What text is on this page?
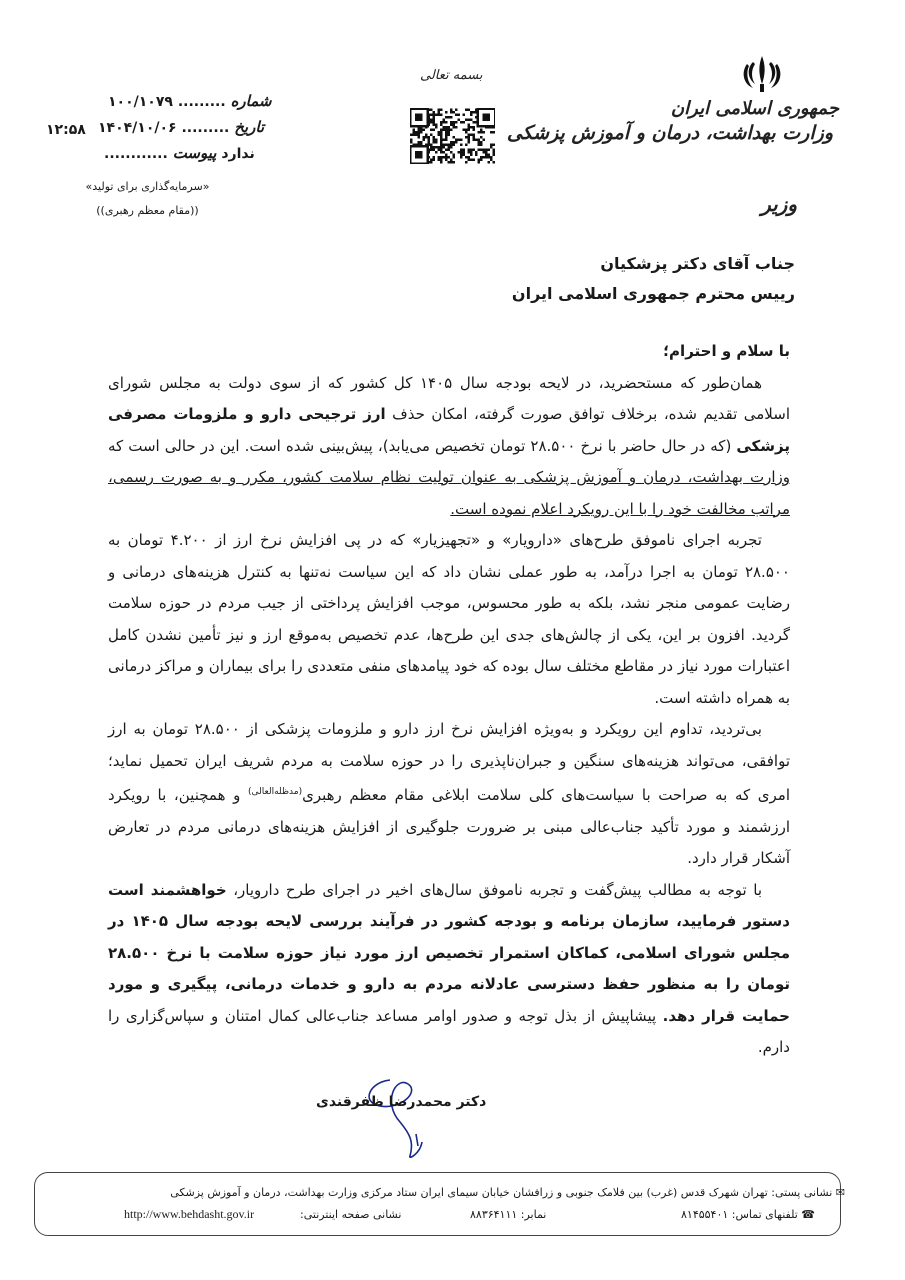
جمهوری اسلامی ایران
وزارت بهداشت، درمان و آموزش پزشکی
وزیر
بسمه تعالی
۱۰۰/۱۰۷۹ ......... شماره
۱۴۰۴/۱۰/۰۶ ......... تاریخ
............	ندارد پیوست
۱۲:۵۸
«سرمایه‌گذاری برای تولید»
((مقام معظم رهبری))
جناب آقای دکتر پزشکیان
رییس محترم جمهوری اسلامی ایران

با سلام و احترام؛

همان‌طور که مستحضرید، در لایحه بودجه سال ۱۴۰۵ کل کشور که از سوی دولت به مجلس شورای اسلامی تقدیم شده، برخلاف توافق صورت گرفته، امکان حذف ارز ترجیحی دارو و ملزومات مصرفی پزشکی (که در حال حاضر با نرخ ۲۸.۵۰۰ تومان تخصیص می‌یابد)، پیش‌بینی شده است. این در حالی است که وزارت بهداشت، درمان و آموزش پزشکی به عنوان تولیت نظام سلامت کشور، مکرر و به صورت رسمی، مراتب مخالفت خود را با این رویکرد اعلام نموده است.

تجربه اجرای ناموفق طرح‌های «دارویار» و «تجهیزیار» که در پی افزایش نرخ ارز از ۴.۲۰۰ تومان به ۲۸.۵۰۰ تومان به اجرا درآمد، به طور عملی نشان داد که این سیاست نه‌تنها به کنترل هزینه‌های درمانی و رضایت عمومی منجر نشد، بلکه به طور محسوس، موجب افزایش پرداختی از جیب مردم در حوزه سلامت گردید. افزون بر این، یکی از چالش‌های جدی این طرح‌ها، عدم تخصیص به‌موقع ارز و نیز تأمین نشدن کامل اعتبارات مورد نیاز در مقاطع مختلف سال بوده که خود پیامدهای منفی متعددی را برای بیماران و مراکز درمانی به همراه داشته است.

بی‌تردید، تداوم این رویکرد و به‌ویژه افزایش نرخ ارز دارو و ملزومات پزشکی از ۲۸.۵۰۰ تومان به ارز توافقی، می‌تواند هزینه‌های سنگین و جبران‌ناپذیری را در حوزه سلامت به مردم شریف ایران تحمیل نماید؛ امری که به صراحت با سیاست‌های کلی سلامت ابلاغی مقام معظم رهبری$^{(مدظله‌العالی)}$ و همچنین، با رویکرد ارزشمند و مورد تأکید جناب‌عالی مبنی بر ضرورت جلوگیری از افزایش هزینه‌های درمانی مردم در تعارض آشکار قرار دارد.

با توجه به مطالب پیش‌گفت و تجربه ناموفق سال‌های اخیر در اجرای طرح دارویار، خواهشمند است دستور فرمایید، سازمان برنامه و بودجه کشور در فرآیند بررسی لایحه بودجه سال ۱۴۰۵ در مجلس شورای اسلامی، کماکان استمرار تخصیص ارز مورد نیاز حوزه سلامت با نرخ ۲۸.۵۰۰ تومان را به منظور حفظ دسترسی عادلانه مردم به دارو و خدمات درمانی، پیگیری و مورد حمایت قرار دهد. پیشاپیش از بذل توجه و صدور اوامر مساعد جناب‌عالی کمال امتنان و سپاس‌گزاری را دارم.

دکتر محمدرضا ظفرقندی
✉ نشانی پستی: تهران شهرک قدس (غرب) بین فلامک جنوبی و زرافشان خیابان سیمای ایران ستاد مرکزی وزارت بهداشت، درمان و آموزش پزشکی
☎ تلفنهای تماس: ۸۱۴۵۵۴۰۱
نمابر: ۸۸۳۶۴۱۱۱
نشانی صفحه اینترنتی:
http://www.behdasht.gov.ir
